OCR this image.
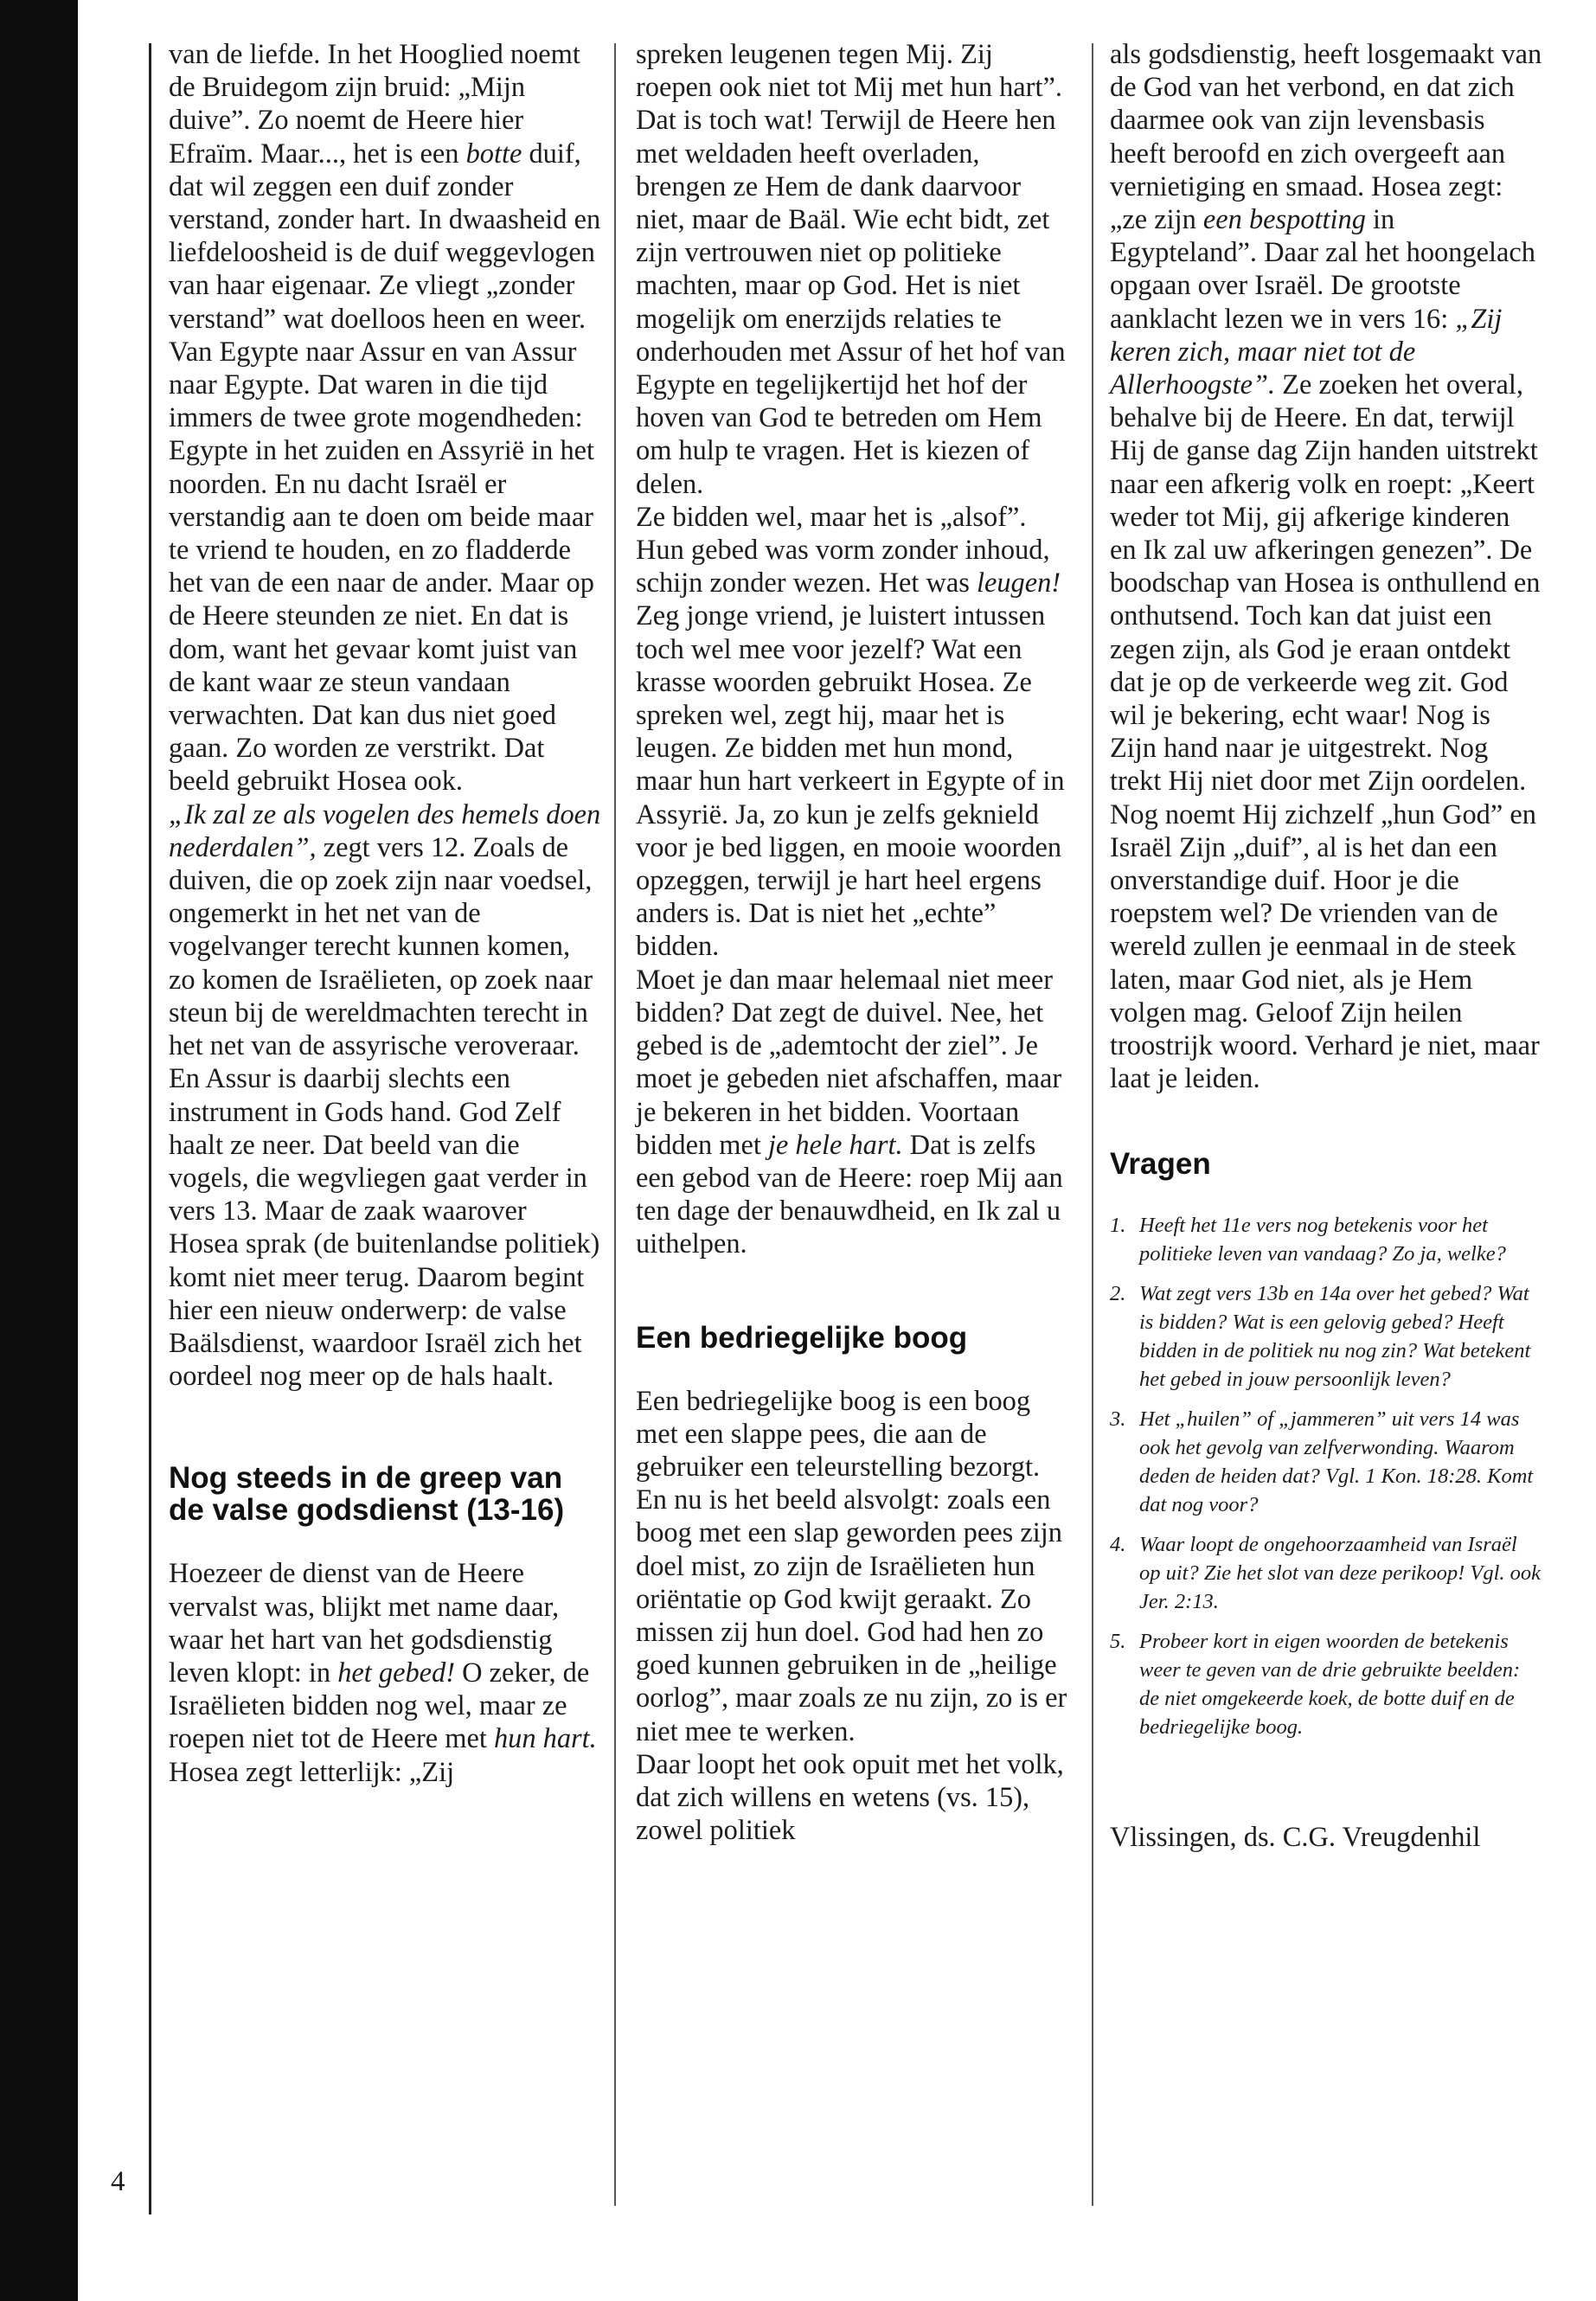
4

van de liefde. In het Hooglied noemt de Bruidegom zijn bruid: „Mijn duive”. Zo noemt de Heere hier Efraïm. Maar..., het is een botte duif, dat wil zeggen een duif zonder verstand, zonder hart. In dwaasheid en liefdeloosheid is de duif weggevlogen van haar eigenaar. Ze vliegt „zonder verstand” wat doelloos heen en weer. Van Egypte naar Assur en van Assur naar Egypte. Dat waren in die tijd immers de twee grote mogendheden: Egypte in het zuiden en Assyrië in het noorden. En nu dacht Israël er verstandig aan te doen om beide maar te vriend te houden, en zo fladderde het van de een naar de ander. Maar op de Heere steunden ze niet. En dat is dom, want het gevaar komt juist van de kant waar ze steun vandaan verwachten. Dat kan dus niet goed gaan. Zo worden ze verstrikt. Dat beeld gebruikt Hosea ook.

„Ik zal ze als vogelen des hemels doen nederdalen”, zegt vers 12. Zoals de duiven, die op zoek zijn naar voedsel, ongemerkt in het net van de vogelvanger terecht kunnen komen, zo komen de Israëlieten, op zoek naar steun bij de wereldmachten terecht in het net van de assyrische veroveraar. En Assur is daarbij slechts een instrument in Gods hand. God Zelf haalt ze neer. Dat beeld van die vogels, die wegvliegen gaat verder in vers 13. Maar de zaak waarover Hosea sprak (de buitenlandse politiek) komt niet meer terug. Daarom begint hier een nieuw onderwerp: de valse Baälsdienst, waardoor Israël zich het oordeel nog meer op de hals haalt.

Nog steeds in de greep van de valse godsdienst (13-16)

Hoezeer de dienst van de Heere vervalst was, blijkt met name daar, waar het hart van het godsdienstig leven klopt: in het gebed! O zeker, de Israëlieten bidden nog wel, maar ze roepen niet tot de Heere met hun hart. Hosea zegt letterlijk: „Zij

spreken leugenen tegen Mij. Zij roepen ook niet tot Mij met hun hart”. Dat is toch wat! Terwijl de Heere hen met weldaden heeft overladen, brengen ze Hem de dank daarvoor niet, maar de Baäl. Wie echt bidt, zet zijn vertrouwen niet op politieke machten, maar op God. Het is niet mogelijk om enerzijds relaties te onderhouden met Assur of het hof van Egypte en tegelijkertijd het hof der hoven van God te betreden om Hem om hulp te vragen. Het is kiezen of delen.

Ze bidden wel, maar het is „alsof”. Hun gebed was vorm zonder inhoud, schijn zonder wezen. Het was leugen! Zeg jonge vriend, je luistert intussen toch wel mee voor jezelf? Wat een krasse woorden gebruikt Hosea. Ze spreken wel, zegt hij, maar het is leugen. Ze bidden met hun mond, maar hun hart verkeert in Egypte of in Assyrië. Ja, zo kun je zelfs geknield voor je bed liggen, en mooie woorden opzeggen, terwijl je hart heel ergens anders is. Dat is niet het „echte” bidden.

Moet je dan maar helemaal niet meer bidden? Dat zegt de duivel. Nee, het gebed is de „ademtocht der ziel”. Je moet je gebeden niet afschaffen, maar je bekeren in het bidden. Voortaan bidden met je hele hart. Dat is zelfs een gebod van de Heere: roep Mij aan ten dage der benauwdheid, en Ik zal u uithelpen.

Een bedriegelijke boog

Een bedriegelijke boog is een boog met een slappe pees, die aan de gebruiker een teleurstelling bezorgt. En nu is het beeld alsvolgt: zoals een boog met een slap geworden pees zijn doel mist, zo zijn de Israëlieten hun oriëntatie op God kwijt geraakt. Zo missen zij hun doel. God had hen zo goed kunnen gebruiken in de „heilige oorlog”, maar zoals ze nu zijn, zo is er niet mee te werken.

Daar loopt het ook opuit met het volk, dat zich willens en wetens (vs. 15), zowel politiek

als godsdienstig, heeft losgemaakt van de God van het verbond, en dat zich daarmee ook van zijn levensbasis heeft beroofd en zich overgeeft aan vernietiging en smaad. Hosea zegt: „ze zijn een bespotting in Egypteland”. Daar zal het hoongelach opgaan over Israël. De grootste aanklacht lezen we in vers 16: „Zij keren zich, maar niet tot de Allerhoogste”. Ze zoeken het overal, behalve bij de Heere. En dat, terwijl Hij de ganse dag Zijn handen uitstrekt naar een afkerig volk en roept: „Keert weder tot Mij, gij afkerige kinderen en Ik zal uw afkeringen genezen”. De boodschap van Hosea is onthullend en onthutsend. Toch kan dat juist een zegen zijn, als God je eraan ontdekt dat je op de verkeerde weg zit. God wil je bekering, echt waar! Nog is Zijn hand naar je uitgestrekt. Nog trekt Hij niet door met Zijn oordelen. Nog noemt Hij zichzelf „hun God” en Israël Zijn „duif”, al is het dan een onverstandige duif. Hoor je die roepstem wel? De vrienden van de wereld zullen je eenmaal in de steek laten, maar God niet, als je Hem volgen mag. Geloof Zijn heilen troostrijk woord. Verhard je niet, maar laat je leiden.

Vragen
1. Heeft het 11e vers nog betekenis voor het politieke leven van vandaag? Zo ja, welke?
2. Wat zegt vers 13b en 14a over het gebed? Wat is bidden? Wat is een gelovig gebed? Heeft bidden in de politiek nu nog zin? Wat betekent het gebed in jouw persoonlijk leven?
3. Het „huilen” of „jammeren” uit vers 14 was ook het gevolg van zelfverwonding. Waarom deden de heiden dat? Vgl. 1 Kon. 18:28. Komt dat nog voor?
4. Waar loopt de ongehoorzaamheid van Israël op uit? Zie het slot van deze perikoop! Vgl. ook Jer. 2:13.
5. Probeer kort in eigen woorden de betekenis weer te geven van de drie gebruikte beelden: de niet omgekeerde koek, de botte duif en de bedriegelijke boog.

Vlissingen, ds. C.G. Vreugdenhil
